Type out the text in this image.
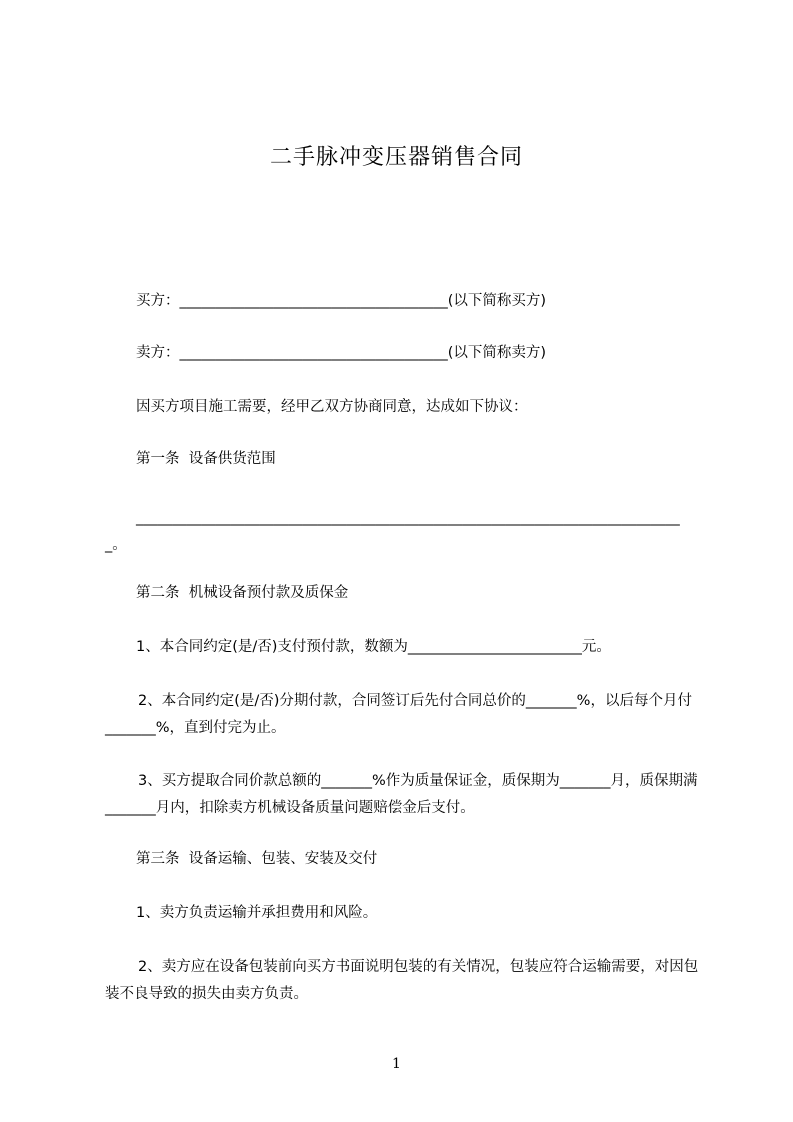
二手脉冲变压器销售合同
买方：_____________________________________(以下简称买方)
卖方：_____________________________________(以下简称卖方)
因买方项目施工需要，经甲乙双方协商同意，达成如下协议：
第一条  设备供货范围
____________________________________________________________________________。
第二条  机械设备预付款及质保金
1、本合同约定(是/否)支付预付款，数额为________________________元。
2、本合同约定(是/否)分期付款，合同签订后先付合同总价的_______%，以后每个月付_______%，直到付完为止。
3、买方提取合同价款总额的_______%作为质量保证金，质保期为_______月，质保期满_______月内，扣除卖方机械设备质量问题赔偿金后支付。
第三条  设备运输、包装、安装及交付
1、卖方负责运输并承担费用和风险。
2、卖方应在设备包装前向买方书面说明包装的有关情况，包装应符合运输需要，对因包装不良导致的损失由卖方负责。
1
